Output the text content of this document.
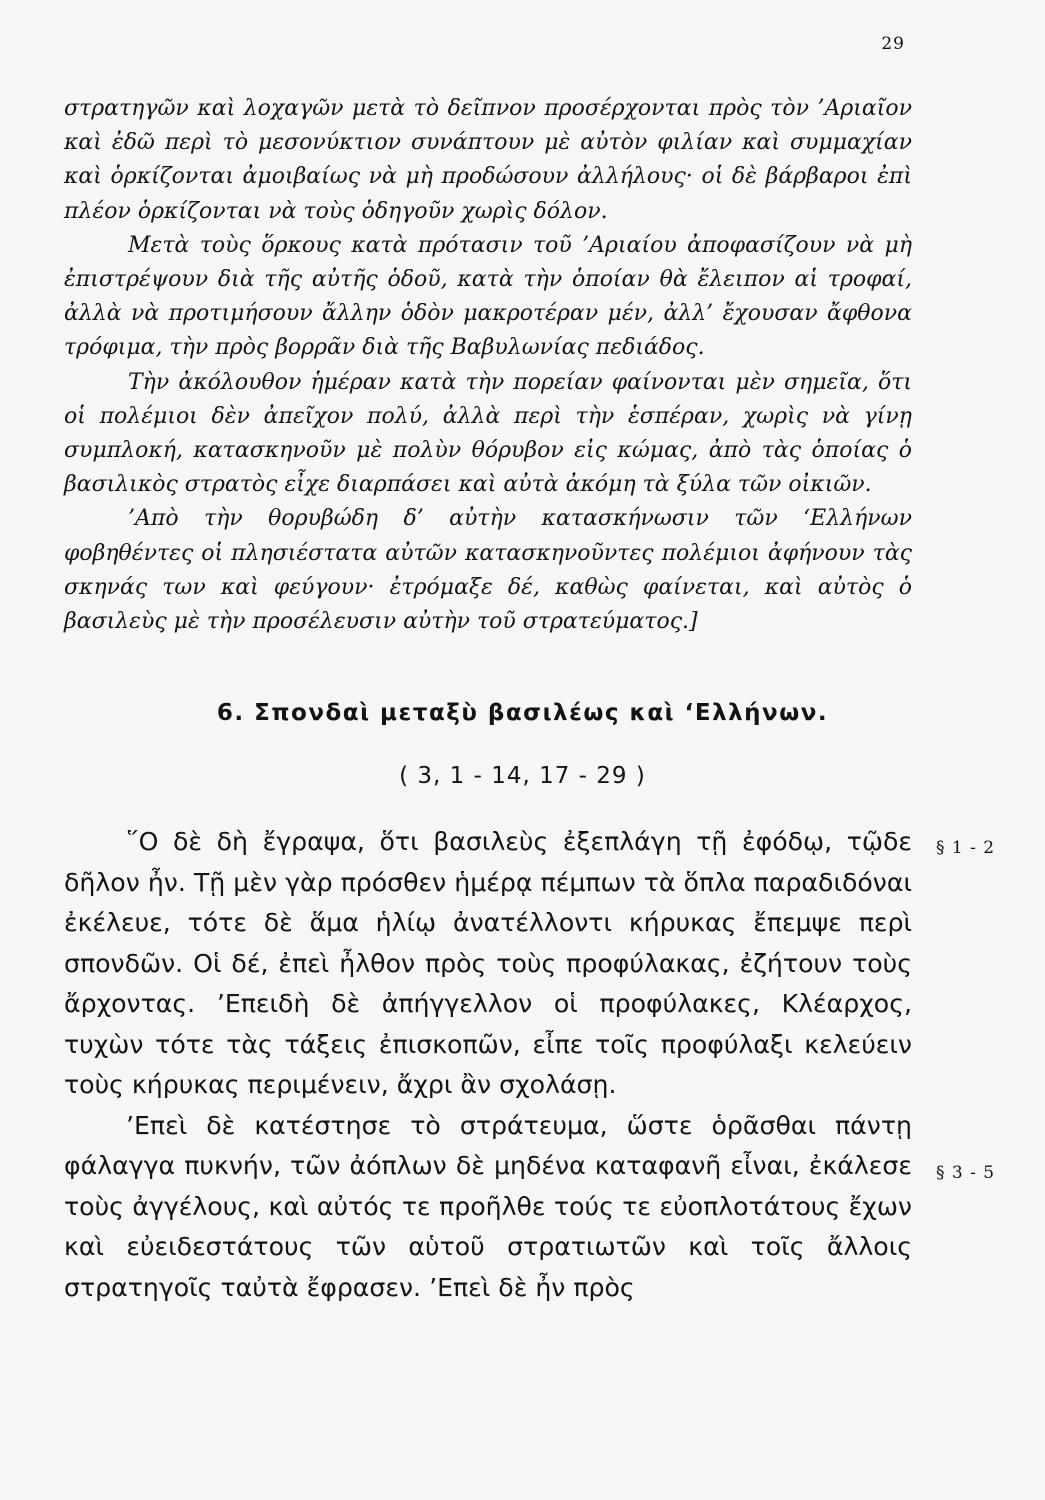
29

στρατηγῶν καὶ λοχαγῶν μετὰ τὸ δεῖπνον προσέρχονται πρὸς τὸν ’Αριαῖον καὶ ἐδῶ περὶ τὸ μεσονύκτιον συνάπτουν μὲ αὐτὸν φιλίαν καὶ συμμαχίαν καὶ ὁρκίζονται ἀμοιβαίως νὰ μὴ προδώσουν ἀλλήλους· οἱ δὲ βάρβαροι ἐπὶ πλέον ὁρκίζονται νὰ τοὺς ὁδηγοῦν χωρὶς δόλον.

Μετὰ τοὺς ὅρκους κατὰ πρότασιν τοῦ ’Αριαίου ἀποφασίζουν νὰ μὴ ἐπιστρέψουν διὰ τῆς αὐτῆς ὁδοῦ, κατὰ τὴν ὁποίαν θὰ ἔλειπον αἱ τροφαί, ἀλλὰ νὰ προτιμήσουν ἄλλην ὁδὸν μακροτέραν μέν, ἀλλ’ ἔχουσαν ἄφθονα τρόφιμα, τὴν πρὸς βορρᾶν διὰ τῆς Βαβυλωνίας πεδιάδος.

Τὴν ἀκόλουθον ἡμέραν κατὰ τὴν πορείαν φαίνονται μὲν σημεῖα, ὅτι οἱ πολέμιοι δὲν ἀπεῖχον πολύ, ἀλλὰ περὶ τὴν ἑσπέραν, χωρὶς νὰ γίνῃ συμπλοκή, κατασκηνοῦν μὲ πολὺν θόρυβον εἰς κώμας, ἀπὸ τὰς ὁποίας ὁ βασιλικὸς στρατὸς εἶχε διαρπάσει καὶ αὐτὰ ἀκόμη τὰ ξύλα τῶν οἰκιῶν.

’Απὸ τὴν θορυβώδη δ’ αὐτὴν κατασκήνωσιν τῶν ‘Ελλήνων φοβηθέντες οἱ πλησιέστατα αὐτῶν κατασκηνοῦντες πολέμιοι ἀφήνουν τὰς σκηνάς των καὶ φεύγουν· ἐτρόμαξε δέ, καθὼς φαίνεται, καὶ αὐτὸς ὁ βασιλεὺς μὲ τὴν προσέλευσιν αὐτὴν τοῦ στρατεύματος.]

6. Σπονδαὶ μεταξὺ βασιλέως καὶ ‘Ελλήνων.
( 3, 1 - 14, 17 - 29 )

῞Ο δὲ δὴ ἔγραψα, ὅτι βασιλεὺς ἐξεπλάγη τῇ ἐφόδῳ, τῷδε δῆλον ἦν. Τῇ μὲν γὰρ πρόσθεν ἡμέρᾳ πέμπων τὰ ὅπλα παραδιδόναι ἐκέλευε, τότε δὲ ἅμα ἡλίῳ ἀνατέλλοντι κήρυκας ἔπεμψε περὶ σπονδῶν. Οἱ δέ, ἐπεὶ ἦλθον πρὸς τοὺς προφύλακας, ἐζήτουν τοὺς ἄρχοντας. ’Επειδὴ δὲ ἀπήγγελλον οἱ προφύλακες, Κλέαρχος, τυχὼν τότε τὰς τάξεις ἐπισκοπῶν, εἶπε τοῖς προφύλαξι κελεύειν τοὺς κήρυκας περιμένειν, ἄχρι ἂν σχολάσῃ.

’Επεὶ δὲ κατέστησε τὸ στράτευμα, ὥστε ὁρᾶσθαι πάντῃ φάλαγγα πυκνήν, τῶν ἀόπλων δὲ μηδένα καταφανῆ εἶναι, ἐκάλεσε τοὺς ἀγγέλους, καὶ αὐτός τε προῆλθε τούς τε εὐοπλοτάτους ἔχων καὶ εὐειδεστάτους τῶν αὑτοῦ στρατιωτῶν καὶ τοῖς ἄλλοις στρατηγοῖς ταὐτὰ ἔφρασεν. ’Επεὶ δὲ ἦν πρὸς

§ 1 - 2
§ 3 - 5
